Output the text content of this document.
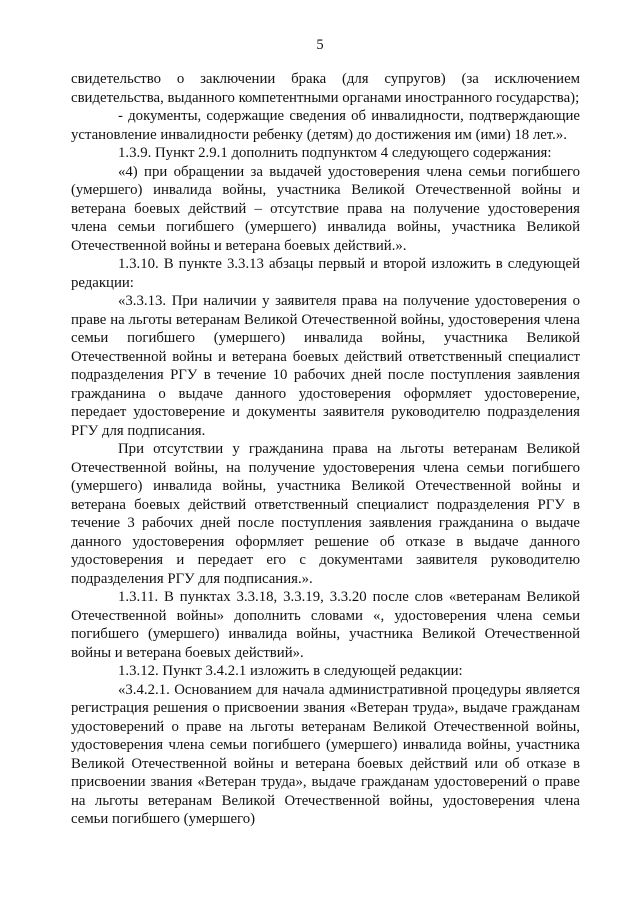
5

свидетельство о заключении брака (для супругов) (за исключением свидетельства, выданного компетентными органами иностранного государства);

- документы, содержащие сведения об инвалидности, подтверждающие установление инвалидности ребенку (детям) до достижения им (ими) 18 лет.».

1.3.9. Пункт 2.9.1 дополнить подпунктом 4 следующего содержания:

«4) при обращении за выдачей удостоверения члена семьи погибшего (умершего) инвалида войны, участника Великой Отечественной войны и ветерана боевых действий – отсутствие права на получение удостоверения члена семьи погибшего (умершего) инвалида войны, участника Великой Отечественной войны и ветерана боевых действий.».

1.3.10. В пункте 3.3.13 абзацы первый и второй изложить в следующей редакции:

«3.3.13. При наличии у заявителя права на получение удостоверения о праве на льготы ветеранам Великой Отечественной войны, удостоверения члена семьи погибшего (умершего) инвалида войны, участника Великой Отечественной войны и ветерана боевых действий ответственный специалист подразделения РГУ в течение 10 рабочих дней после поступления заявления гражданина о выдаче данного удостоверения оформляет удостоверение, передает удостоверение и документы заявителя руководителю подразделения РГУ для подписания.

При отсутствии у гражданина права на льготы ветеранам Великой Отечественной войны, на получение удостоверения члена семьи погибшего (умершего) инвалида войны, участника Великой Отечественной войны и ветерана боевых действий ответственный специалист подразделения РГУ в течение 3 рабочих дней после поступления заявления гражданина о выдаче данного удостоверения оформляет решение об отказе в выдаче данного удостоверения и передает его с документами заявителя руководителю подразделения РГУ для подписания.».

1.3.11. В пунктах 3.3.18, 3.3.19, 3.3.20 после слов «ветеранам Великой Отечественной войны» дополнить словами «, удостоверения члена семьи погибшего (умершего) инвалида войны, участника Великой Отечественной войны и ветерана боевых действий».

1.3.12. Пункт 3.4.2.1 изложить в следующей редакции:

«3.4.2.1. Основанием для начала административной процедуры является регистрация решения о присвоении звания «Ветеран труда», выдаче гражданам удостоверений о праве на льготы ветеранам Великой Отечественной войны, удостоверения члена семьи погибшего (умершего) инвалида войны, участника Великой Отечественной войны и ветерана боевых действий или об отказе в присвоении звания «Ветеран труда», выдаче гражданам удостоверений о праве на льготы ветеранам Великой Отечественной войны, удостоверения члена семьи погибшего (умершего)
